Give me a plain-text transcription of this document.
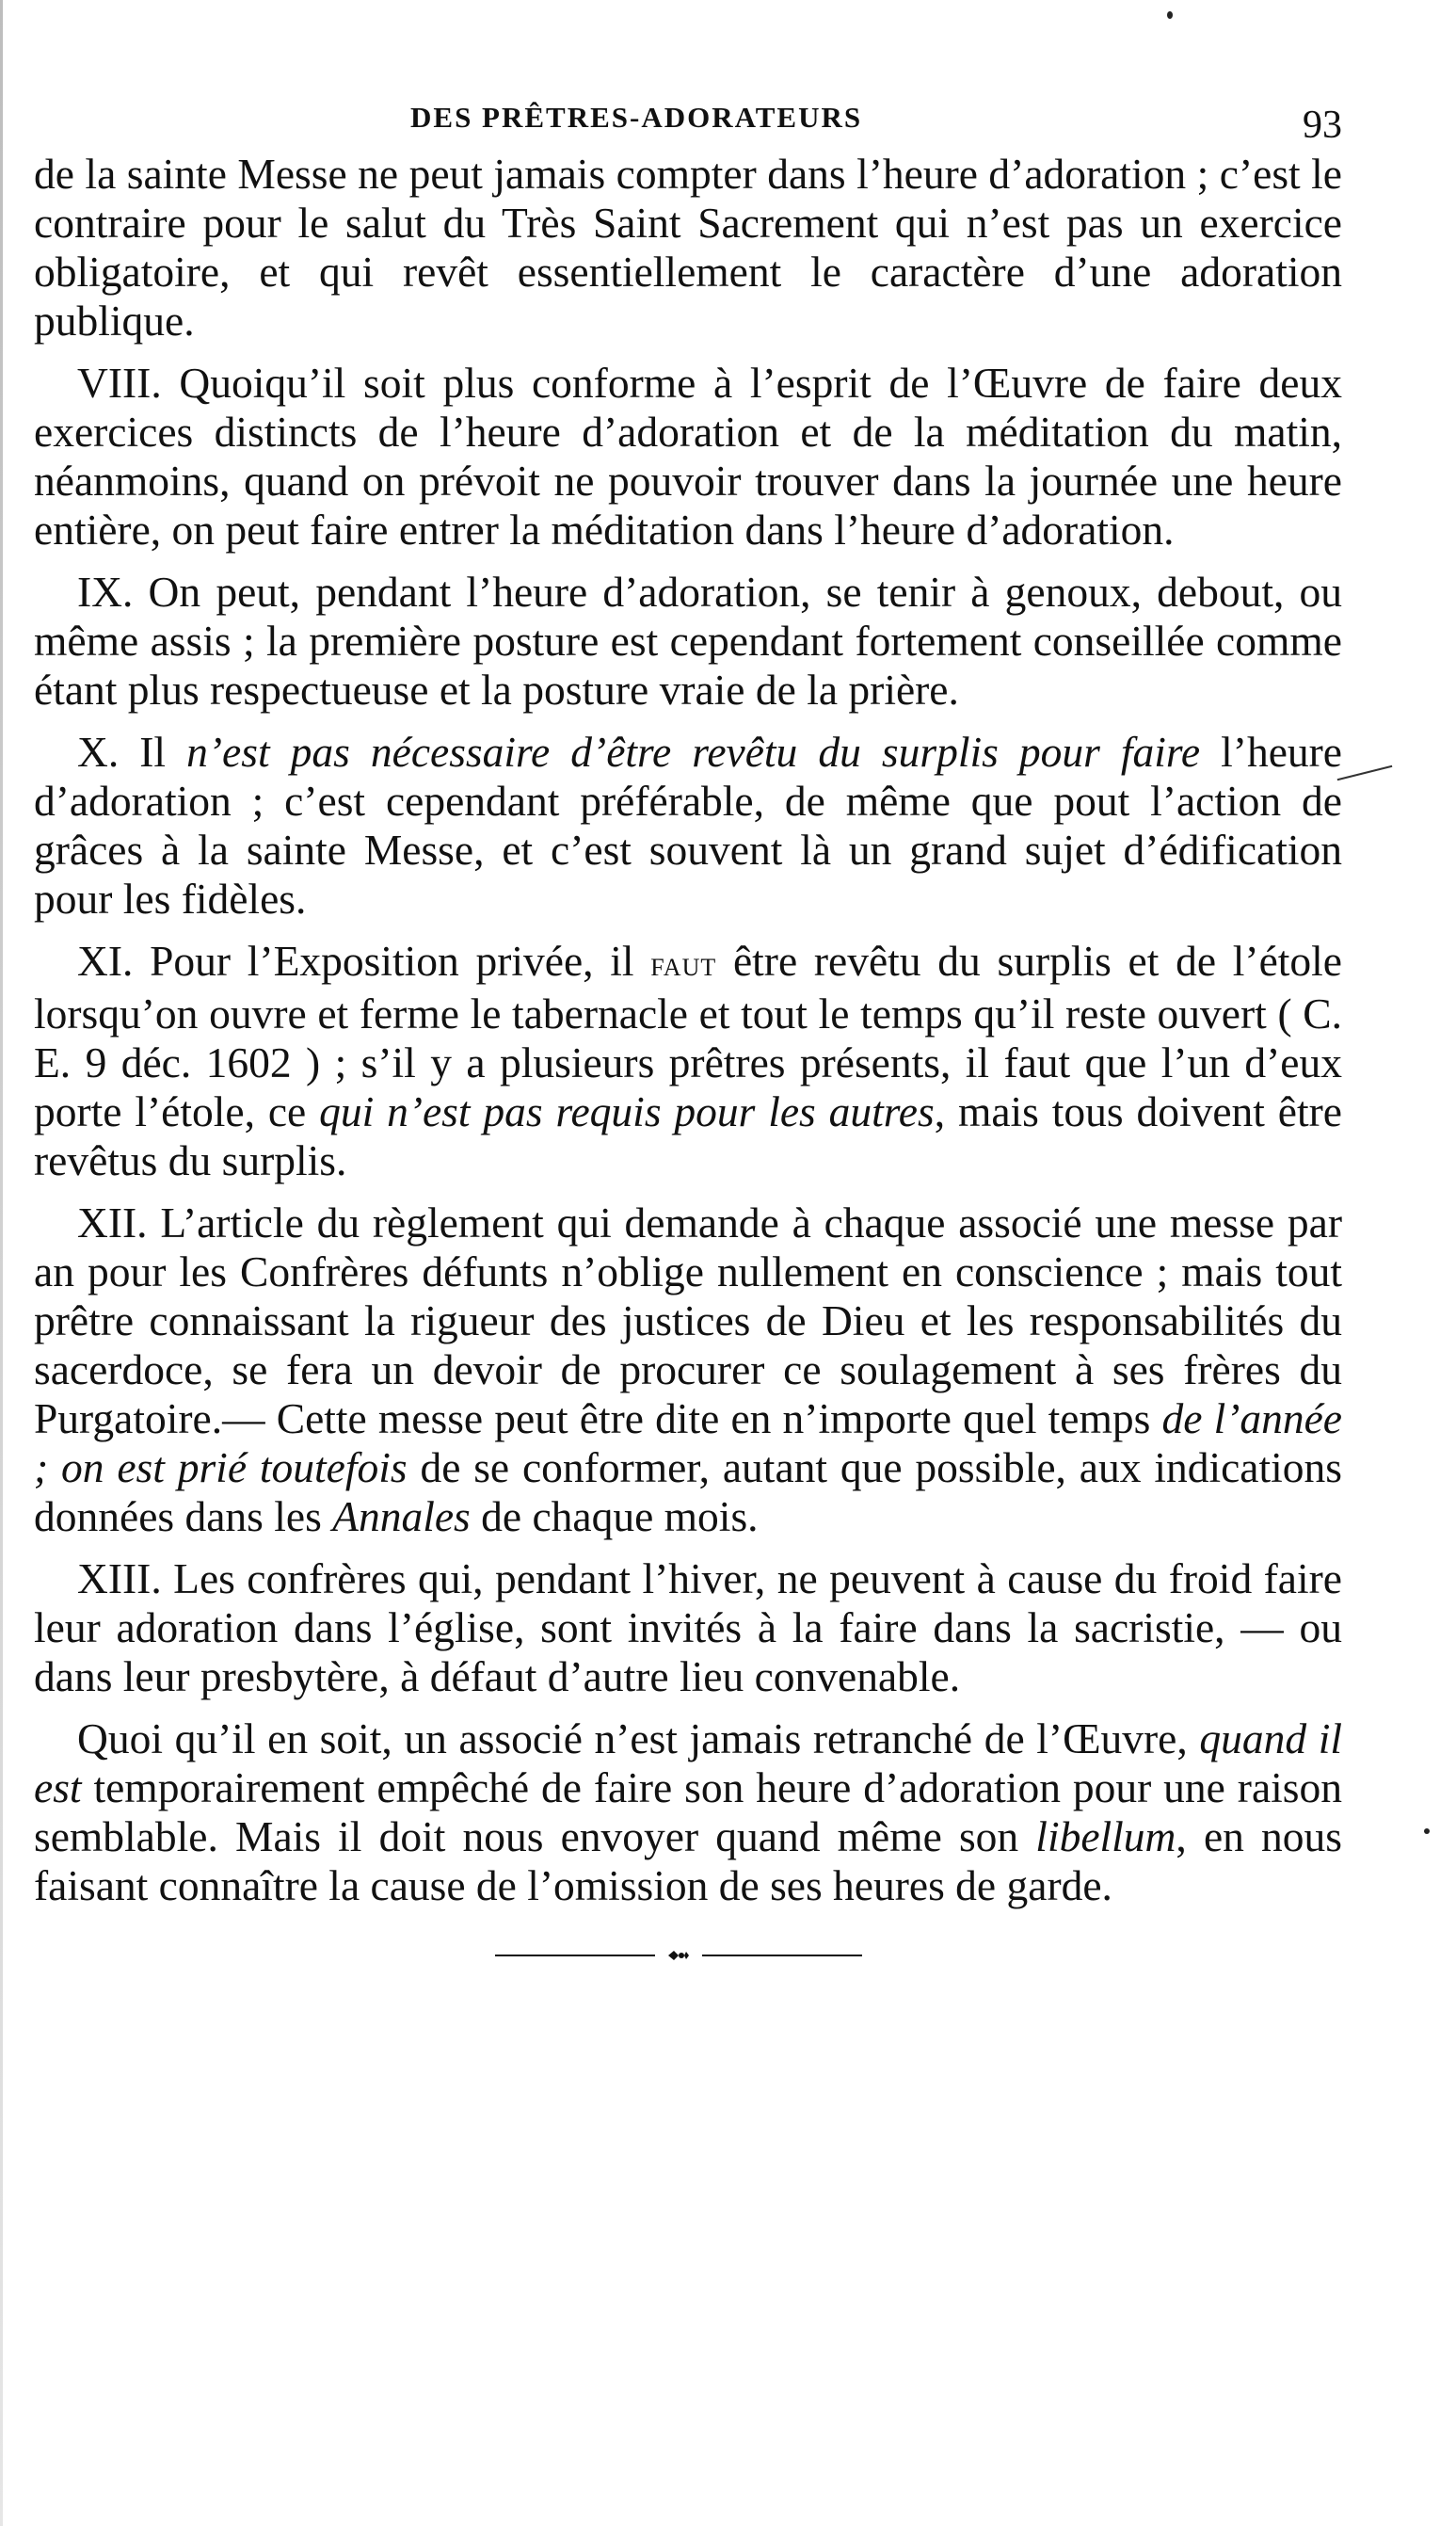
DES PRÊTRES-ADORATEURS	93

de la sainte Messe ne peut jamais compter dans l’heure d’adoration ; c’est le contraire pour le salut du Très Saint Sacrement qui n’est pas un exercice obligatoire, et qui revêt essentiellement le caractère d’une adoration publique.

VIII. Quoiqu’il soit plus conforme à l’esprit de l’Œuvre de faire deux exercices distincts de l’heure d’adoration et de la méditation du matin, néanmoins, quand on prévoit ne pouvoir trouver dans la journée une heure entière, on peut faire entrer la méditation dans l’heure d’adoration.

IX. On peut, pendant l’heure d’adoration, se tenir à genoux, debout, ou même assis ; la première posture est cependant fortement conseillée comme étant plus respectueuse et la posture vraie de la prière.

X. Il n’est pas nécessaire d’être revêtu du surplis pour faire l’heure d’adoration ; c’est cependant préférable, de même que pout l’action de grâces à la sainte Messe, et c’est souvent là un grand sujet d’édification pour les fidèles.

XI. Pour l’Exposition privée, il faut être revêtu du surplis et de l’étole lorsqu’on ouvre et ferme le tabernacle et tout le temps qu’il reste ouvert ( C. E. 9 déc. 1602 ) ; s’il y a plusieurs prêtres présents, il faut que l’un d’eux porte l’étole, ce qui n’est pas requis pour les autres, mais tous doivent être revêtus du surplis.

XII. L’article du règlement qui demande à chaque associé une messe par an pour les Confrères défunts n’oblige nullement en conscience ; mais tout prêtre connaissant la rigueur des justices de Dieu et les responsabilités du sacerdoce, se fera un devoir de procurer ce soulagement à ses frères du Purgatoire.— Cette messe peut être dite en n’importe quel temps de l’année ; on est prié toutefois de se conformer, autant que possible, aux indications données dans les Annales de chaque mois.

XIII. Les confrères qui, pendant l’hiver, ne peuvent à cause du froid faire leur adoration dans l’église, sont invités à la faire dans la sacristie, — ou dans leur presbytère, à défaut d’autre lieu convenable.

Quoi qu’il en soit, un associé n’est jamais retranché de l’Œuvre, quand il est temporairement empêché de faire son heure d’adoration pour une raison semblable. Mais il doit nous envoyer quand même son libellum, en nous faisant connaître la cause de l’omission de ses heures de garde.
